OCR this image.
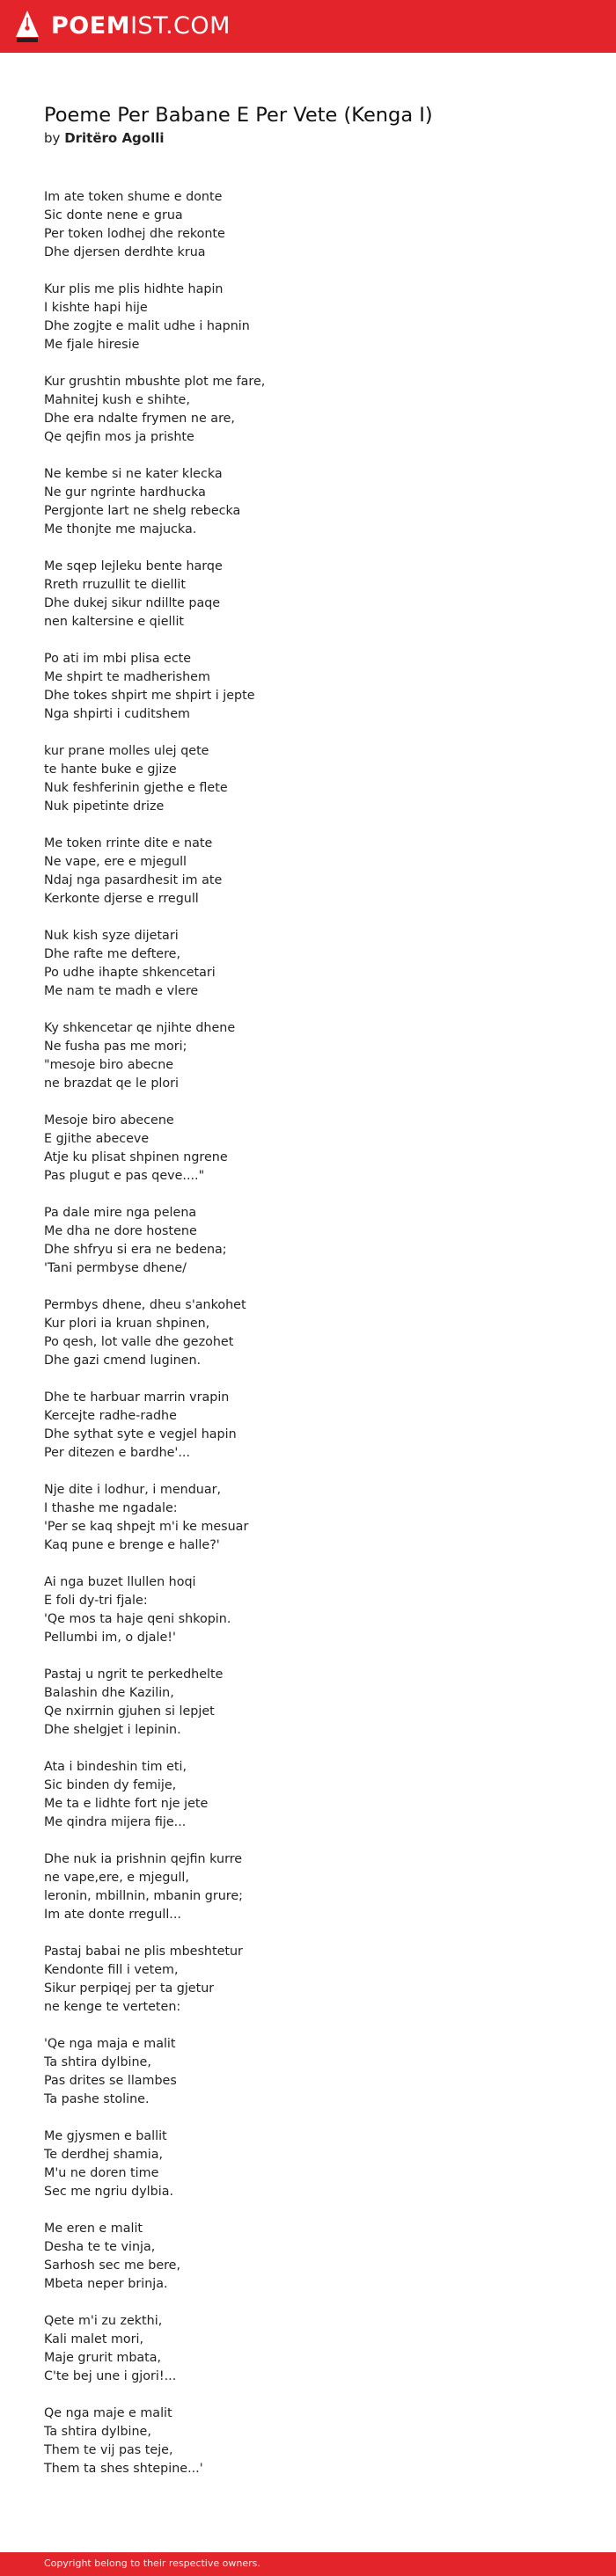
POEMIST.COM
Poeme Per Babane E Per Vete (Kenga I)
by Dritëro Agolli
Im ate token shume e donte
Sic donte nene e grua
Per token lodhej dhe rekonte
Dhe djersen derdhte krua
Kur plis me plis hidhte hapin
I kishte hapi hije
Dhe zogjte e malit udhe i hapnin
Me fjale hiresie
Kur grushtin mbushte plot me fare,
Mahnitej kush e shihte,
Dhe era ndalte frymen ne are,
Qe qejfin mos ja prishte
Ne kembe si ne kater klecka
Ne gur ngrinte hardhucka
Pergjonte lart ne shelg rebecka
Me thonjte me majucka.
Me sqep lejleku bente harqe
Rreth rruzullit te diellit
Dhe dukej sikur ndillte paqe
nen kaltersine e qiellit
Po ati im mbi plisa ecte
Me shpirt te madherishem
Dhe tokes shpirt me shpirt i jepte
Nga shpirti i cuditshem
kur prane molles ulej qete
te hante buke e gjize
Nuk feshferinin gjethe e flete
Nuk pipetinte drize
Me token rrinte dite e nate
Ne vape, ere e mjegull
Ndaj nga pasardhesit im ate
Kerkonte djerse e rregull
Nuk kish syze dijetari
Dhe rafte me deftere,
Po udhe ihapte shkencetari
Me nam te madh e vlere
Ky shkencetar qe njihte dhene
Ne fusha pas me mori;
"mesoje biro abecne
ne brazdat qe le plori
Mesoje biro abecene
E gjithe abeceve
Atje ku plisat shpinen ngrene
Pas plugut e pas qeve...."
Pa dale mire nga pelena
Me dha ne dore hostene
Dhe shfryu si era ne bedena;
'Tani permbyse dhene/
Permbys dhene, dheu s'ankohet
Kur plori ia kruan shpinen,
Po qesh, lot valle dhe gezohet
Dhe gazi cmend luginen.
Dhe te harbuar marrin vrapin
Kercejte radhe-radhe
Dhe sythat syte e vegjel hapin
Per ditezen e bardhe'...
Nje dite i lodhur, i menduar,
I thashe me ngadale:
'Per se kaq shpejt m'i ke mesuar
Kaq pune e brenge e halle?'
Ai nga buzet llullen hoqi
E foli dy-tri fjale:
'Qe mos ta haje qeni shkopin.
Pellumbi im, o djale!'
Pastaj u ngrit te perkedhelte
Balashin dhe Kazilin,
Qe nxirrnin gjuhen si lepjet
Dhe shelgjet i lepinin.
Ata i bindeshin tim eti,
Sic binden dy femije,
Me ta e lidhte fort nje jete
Me qindra mijera fije...
Dhe nuk ia prishnin qejfin kurre
ne vape,ere, e mjegull,
leronin, mbillnin, mbanin grure;
Im ate donte rregull...
Pastaj babai ne plis mbeshtetur
Kendonte fill i vetem,
Sikur perpiqej per ta gjetur
ne kenge te verteten:
'Qe nga maja e malit
Ta shtira dylbine,
Pas drites se llambes
Ta pashe stoline.
Me gjysmen e ballit
Te derdhej shamia,
M'u ne doren time
Sec me ngriu dylbia.
Me eren e malit
Desha te te vinja,
Sarhosh sec me bere,
Mbeta neper brinja.
Qete m'i zu zekthi,
Kali malet mori,
Maje grurit mbata,
C'te bej une i gjori!...
Qe nga maje e malit
Ta shtira dylbine,
Them te vij pas teje,
Them ta shes shtepine...'
Copyright belong to their respective owners.
